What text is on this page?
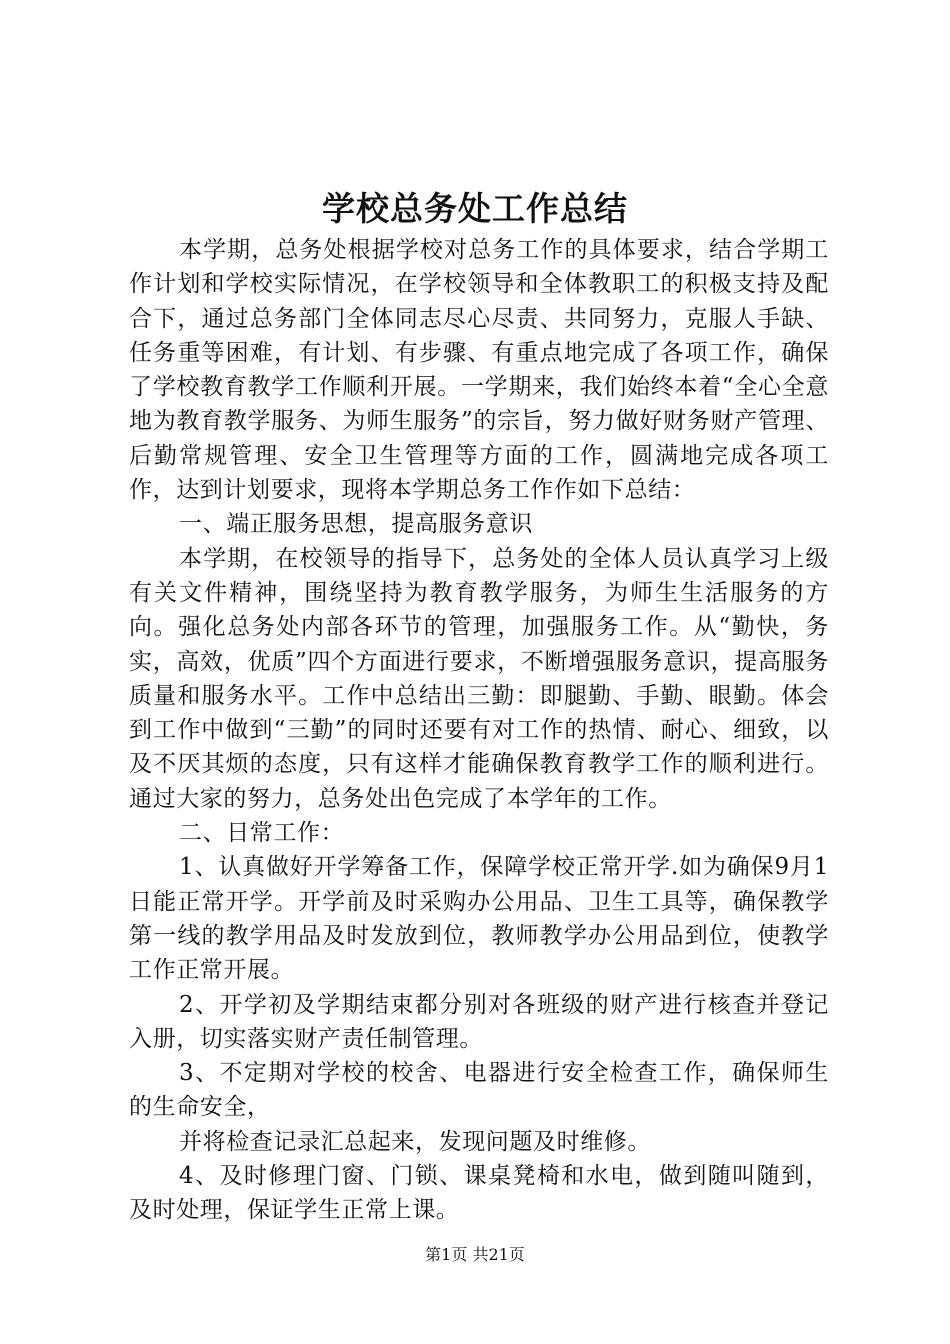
学校总务处工作总结

本学期，总务处根据学校对总务工作的具体要求，结合学期工作计划和学校实际情况，在学校领导和全体教职工的积极支持及配合下，通过总务部门全体同志尽心尽责、共同努力，克服人手缺、任务重等困难，有计划、有步骤、有重点地完成了各项工作，确保了学校教育教学工作顺利开展。一学期来，我们始终本着“全心全意地为教育教学服务、为师生服务”的宗旨，努力做好财务财产管理、后勤常规管理、安全卫生管理等方面的工作，圆满地完成各项工作，达到计划要求，现将本学期总务工作作如下总结：

一、端正服务思想，提高服务意识

本学期，在校领导的指导下，总务处的全体人员认真学习上级有关文件精神，围绕坚持为教育教学服务，为师生生活服务的方向。强化总务处内部各环节的管理，加强服务工作。从“勤快，务实，高效，优质”四个方面进行要求，不断增强服务意识，提高服务质量和服务水平。工作中总结出三勤：即腿勤、手勤、眼勤。体会到工作中做到“三勤”的同时还要有对工作的热情、耐心、细致，以及不厌其烦的态度，只有这样才能确保教育教学工作的顺利进行。通过大家的努力，总务处出色完成了本学年的工作。

二、日常工作：

1、认真做好开学筹备工作，保障学校正常开学.如为确保9月1日能正常开学。开学前及时采购办公用品、卫生工具等，确保教学第一线的教学用品及时发放到位，教师教学办公用品到位，使教学工作正常开展。

2、开学初及学期结束都分别对各班级的财产进行核查并登记入册，切实落实财产责任制管理。

3、不定期对学校的校舍、电器进行安全检查工作，确保师生的生命安全，

并将检查记录汇总起来，发现问题及时维修。

4、及时修理门窗、门锁、课桌凳椅和水电，做到随叫随到，及时处理，保证学生正常上课。

第1页 共21页
